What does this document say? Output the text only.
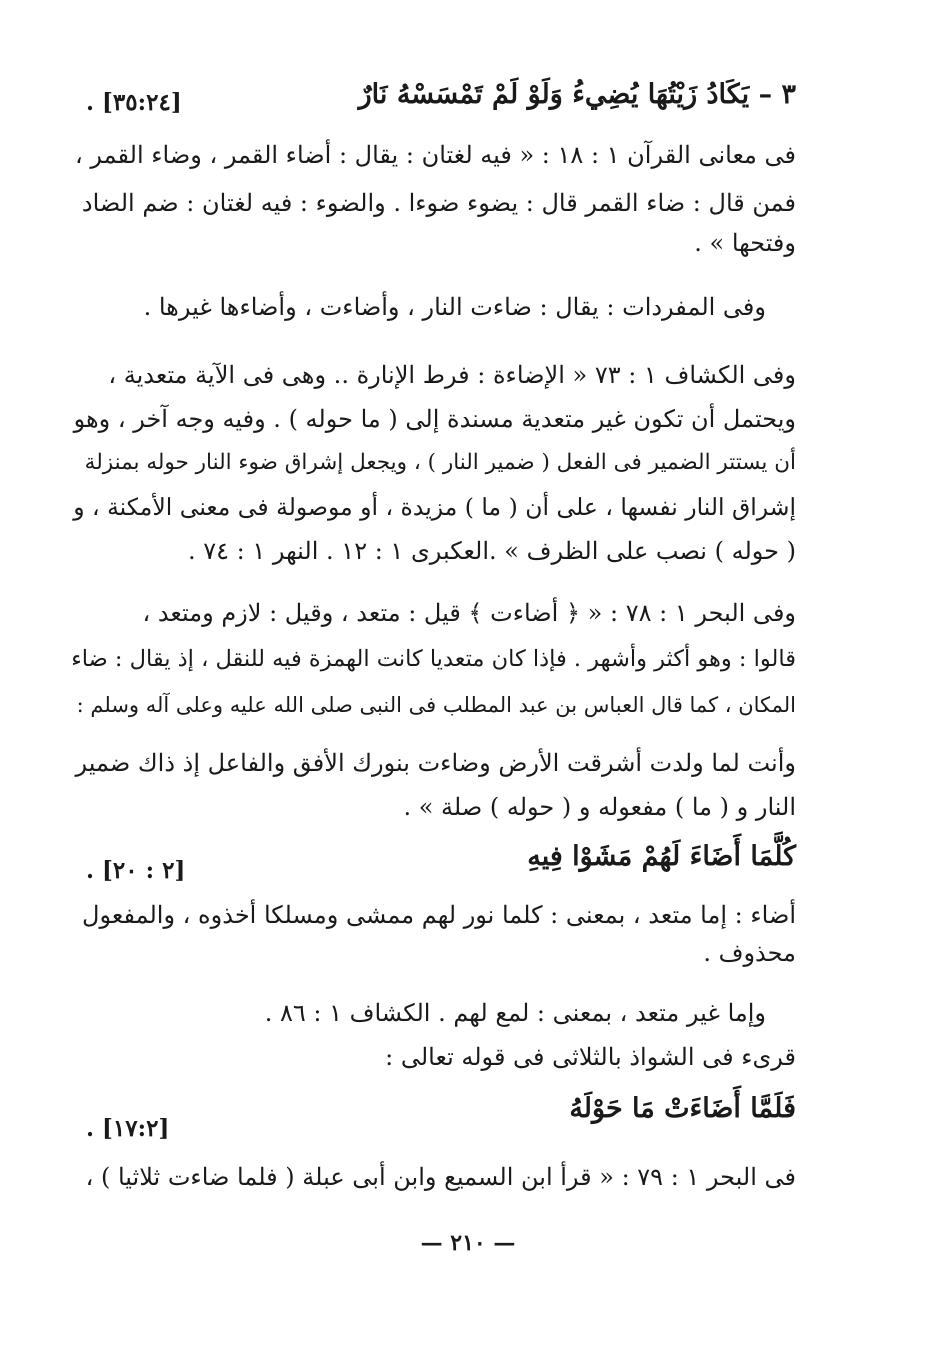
٣ – يَكَادُ زَيْتُهَا يُضِيءُ وَلَوْ لَمْ تَمْسَسْهُ نَارٌ
[٣٥:٢٤] .
فى معانى القرآن ١ : ١٨ : « فيه لغتان : يقال : أضاء القمر ، وضاء القمر ،
فمن قال : ضاء القمر قال : يضوء ضوءا . والضوء : فيه لغتان : ضم الضاد
وفتحها » .
وفى المفردات : يقال : ضاءت النار ، وأضاءت ، وأضاءها غيرها .
وفى الكشاف ١ : ٧٣ « الإضاءة : فرط الإنارة .. وهى فى الآية متعدية ،
ويحتمل أن تكون غير متعدية مسندة إلى ( ما حوله ) . وفيه وجه آخر ، وهو
أن يستتر الضمير فى الفعل ( ضمير النار ) ، ويجعل إشراق ضوء النار حوله بمنزلة
إشراق النار نفسها ، على أن ( ما ) مزيدة ، أو موصولة فى معنى الأمكنة ، و
( حوله ) نصب على الظرف » .العكبرى ١ : ١٢ . النهر ١ : ٧٤ .
وفى البحر ١ : ٧٨ : « ﴿ أضاءت ﴾ قيل : متعد ، وقيل : لازم ومتعد ،
قالوا : وهو أكثر وأشهر . فإذا كان متعديا كانت الهمزة فيه للنقل ، إذ يقال : ضاء
المكان ، كما قال العباس بن عبد المطلب فى النبى صلى الله عليه وعلى آله وسلم :
وأنت لما ولدت أشرقت الأرض وضاءت بنورك الأفق والفاعل إذ ذاك ضمير
النار و ( ما ) مفعوله و ( حوله ) صلة » .
كُلَّمَا أَضَاءَ لَهُمْ مَشَوْا فِيهِ
[٢ : ٢٠] .
أضاء : إما متعد ، بمعنى : كلما نور لهم ممشى ومسلكا أخذوه ، والمفعول
محذوف .
وإما غير متعد ، بمعنى : لمع لهم . الكشاف ١ : ٨٦ .
قرىء فى الشواذ بالثلاثى فى قوله تعالى :
فَلَمَّا أَضَاءَتْ مَا حَوْلَهُ
[١٧:٢] .
فى البحر ١ : ٧٩ : « قرأ ابن السميع وابن أبى عبلة ( فلما ضاءت ثلاثيا ) ،
— ٢١٠ —
